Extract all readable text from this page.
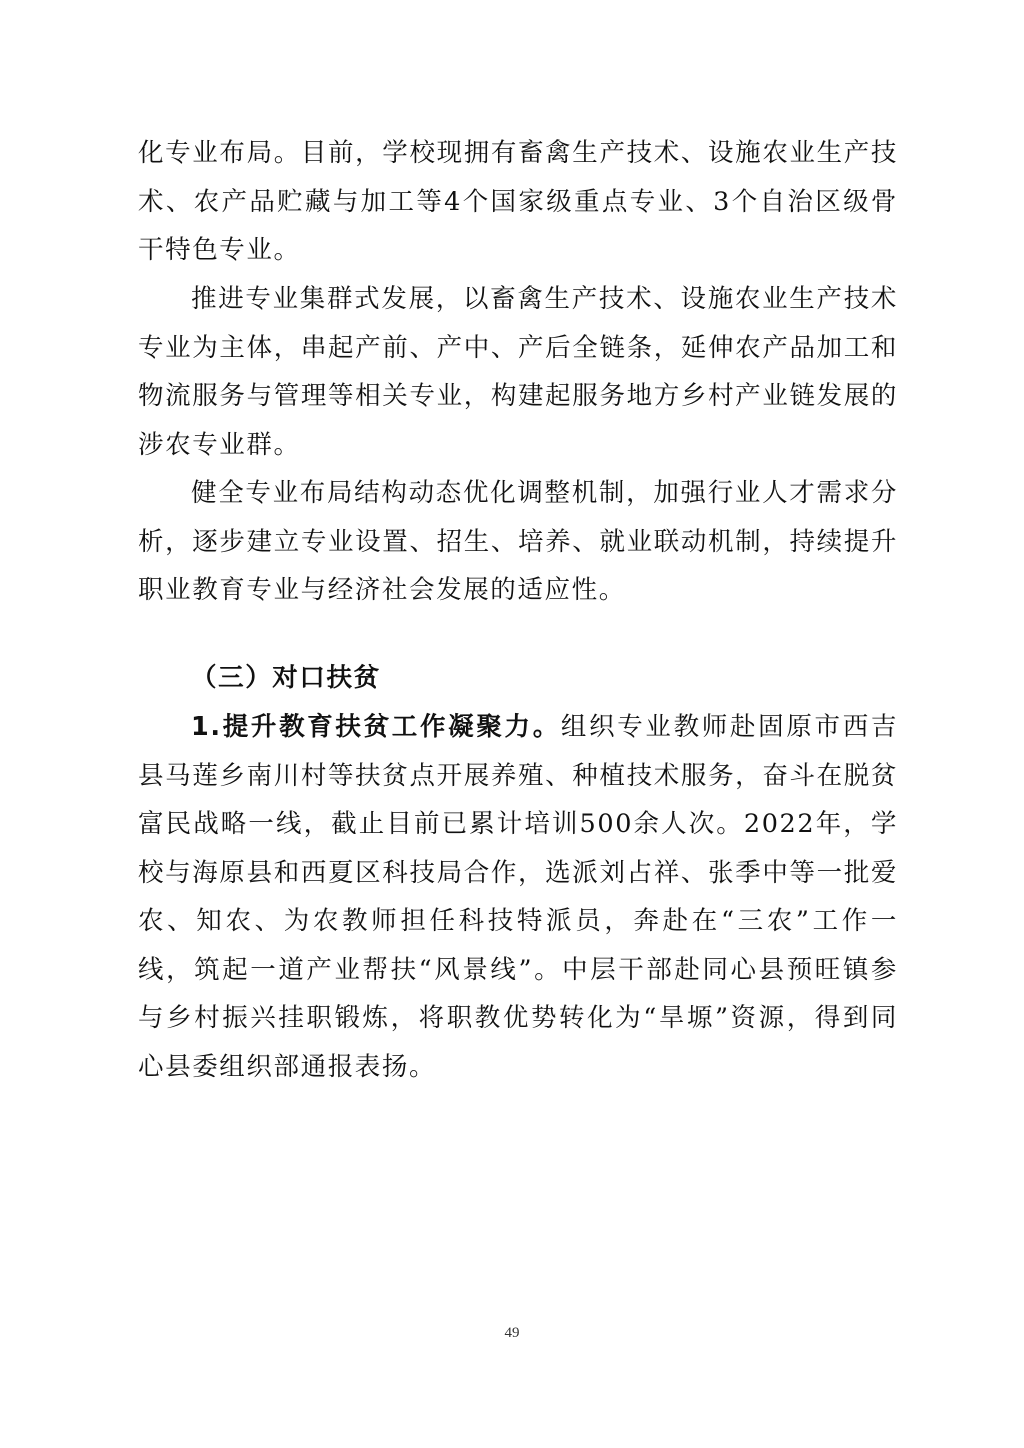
化专业布局。目前，学校现拥有畜禽生产技术、设施农业生产技术、农产品贮藏与加工等4个国家级重点专业、3个自治区级骨干特色专业。

推进专业集群式发展，以畜禽生产技术、设施农业生产技术专业为主体，串起产前、产中、产后全链条，延伸农产品加工和物流服务与管理等相关专业，构建起服务地方乡村产业链发展的涉农专业群。

健全专业布局结构动态优化调整机制，加强行业人才需求分析，逐步建立专业设置、招生、培养、就业联动机制，持续提升职业教育专业与经济社会发展的适应性。

（三）对口扶贫

1.提升教育扶贫工作凝聚力。组织专业教师赴固原市西吉县马莲乡南川村等扶贫点开展养殖、种植技术服务，奋斗在脱贫富民战略一线，截止目前已累计培训500余人次。2022年，学校与海原县和西夏区科技局合作，选派刘占祥、张季中等一批爱农、知农、为农教师担任科技特派员，奔赴在“三农”工作一线，筑起一道产业帮扶“风景线”。中层干部赴同心县预旺镇参与乡村振兴挂职锻炼，将职教优势转化为“旱塬”资源，得到同心县委组织部通报表扬。

49
